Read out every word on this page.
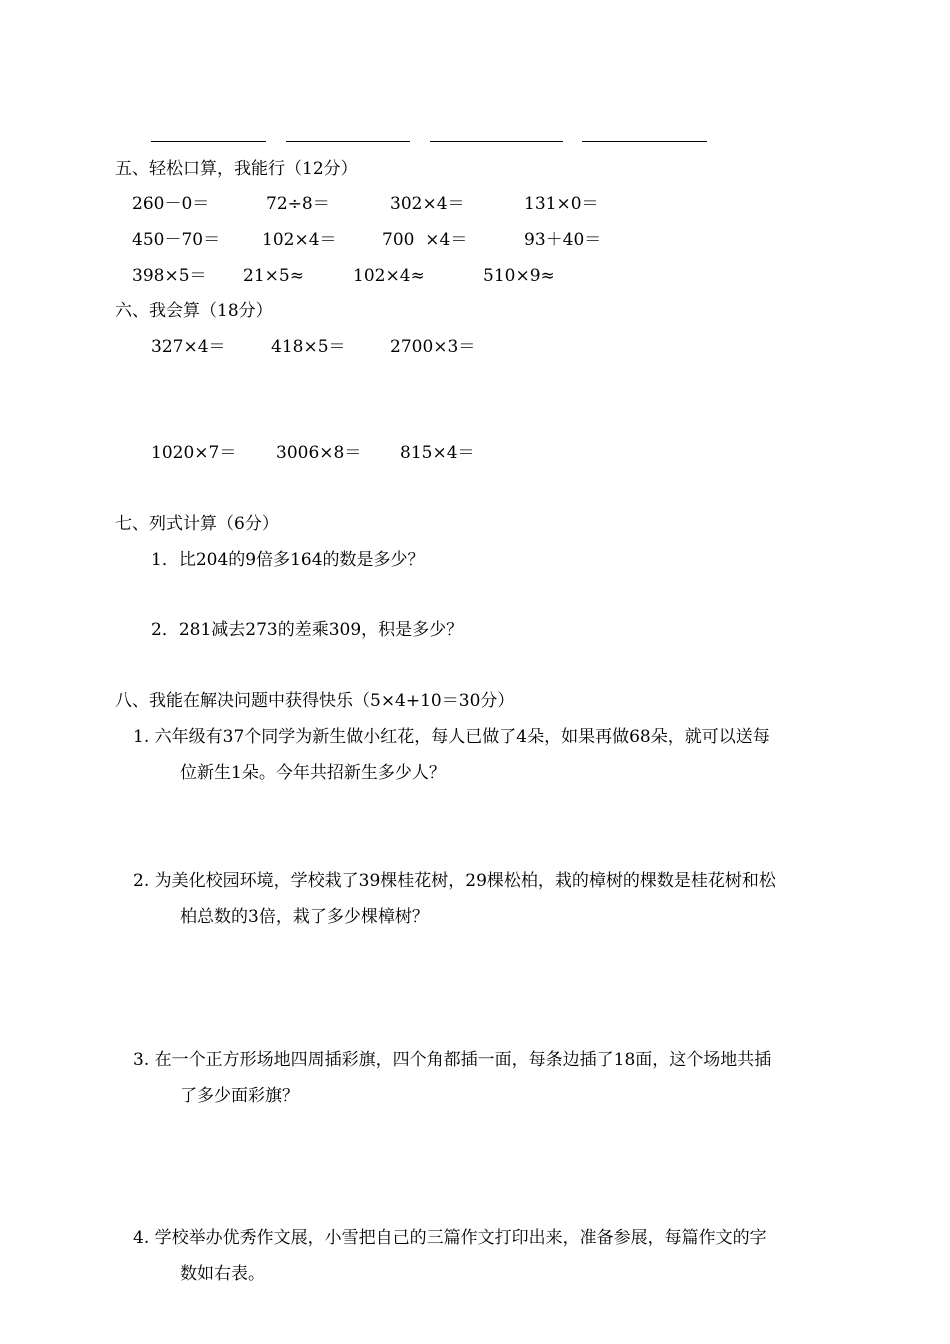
五、轻松口算，我能行（12分）
260－0＝	72÷8＝	302×4＝	131×0＝
450－70＝ 102×4＝	700  ×4＝	93＋40＝
398×5＝ 21×5≈	102×4≈	510×9≈
六、我会算（18分）
327×4＝	418×5＝	2700×3＝
1020×7＝ 3006×8＝ 815×4＝
七、列式计算（6分）
1．比204的9倍多164的数是多少？
2．281减去273的差乘309，积是多少？
八、我能在解决问题中获得快乐（5×4+10＝30分）
1. 六年级有37个同学为新生做小红花，每人已做了4朵，如果再做68朵，就可以送每
位新生1朵。今年共招新生多少人？
2. 为美化校园环境，学校栽了39棵桂花树，29棵松柏，栽的樟树的棵数是桂花树和松
柏总数的3倍，栽了多少棵樟树？
3. 在一个正方形场地四周插彩旗，四个角都插一面，每条边插了18面，这个场地共插
了多少面彩旗？
4. 学校举办优秀作文展，小雪把自己的三篇作文打印出来，准备参展，每篇作文的字
数如右表。
